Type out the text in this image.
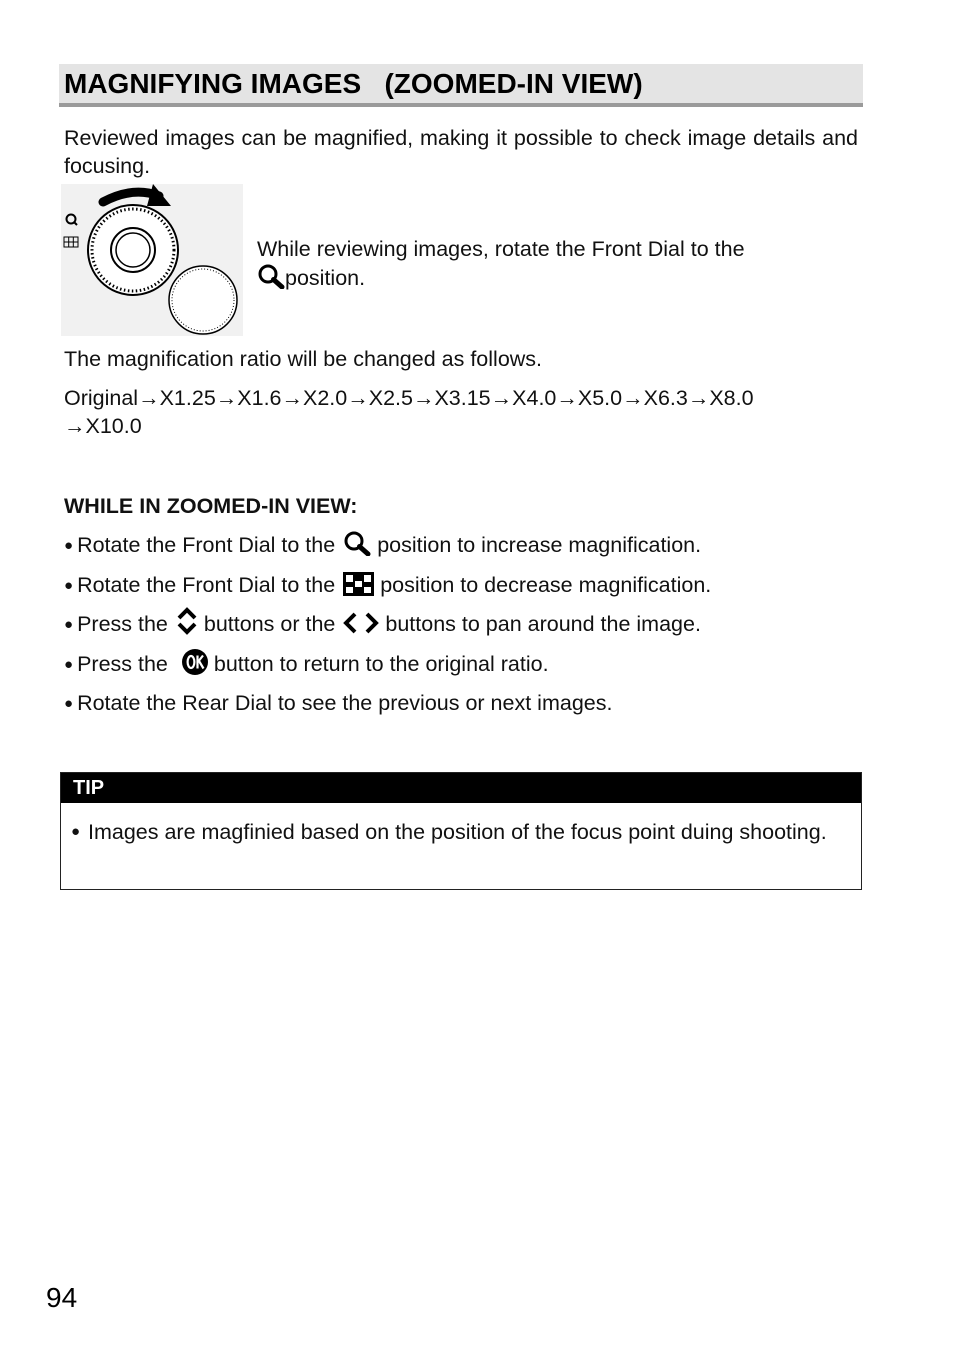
MAGNIFYING IMAGES   (ZOOMED-IN VIEW)

Reviewed images can be magnified, making it possible to check image details and focusing.

While reviewing images, rotate the Front Dial to the
position.

The magnification ratio will be changed as follows.

Original→X1.25→X1.6→X2.0→X2.5→X3.15→X4.0→X5.0→X6.3→X8.0 →X10.0

WHILE IN ZOOMED-IN VIEW:
● Rotate the Front Dial to the position to increase magnification.
● Rotate the Front Dial to the position to decrease magnification.
● Press the buttons or the buttons to pan around the image.
● Press the button to return to the original ratio.
● Rotate the Rear Dial to see the previous or next images.
TIP
● Images are magfinied based on the position of the focus point duing shooting.
94
